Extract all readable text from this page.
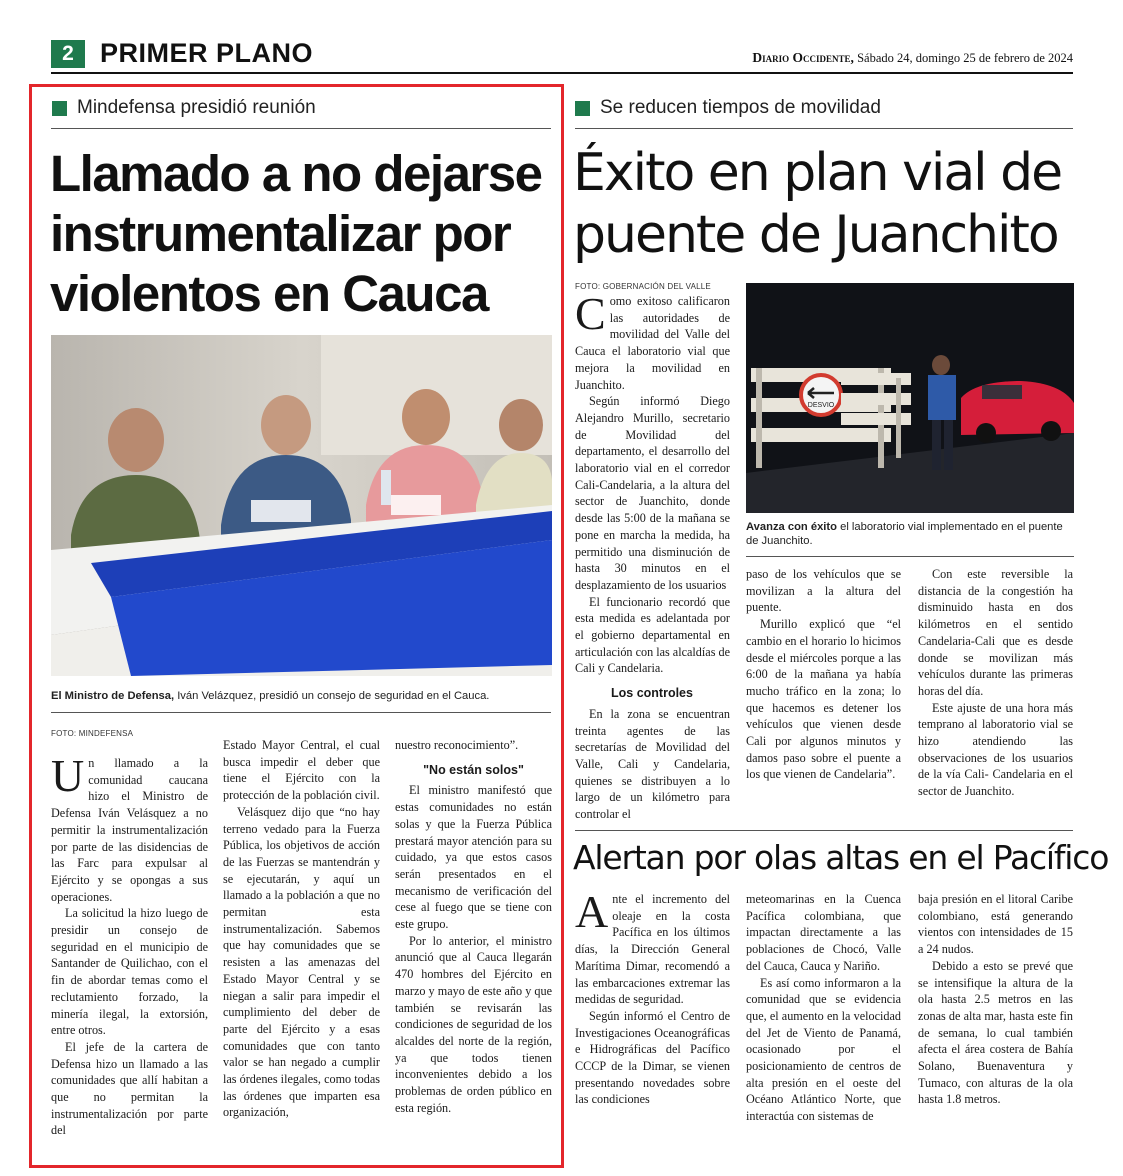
2 PRIMER PLANO	Diario Occidente, Sábado 24, domingo 25 de febrero de 2024
Mindefensa presidió reunión
Llamado a no dejarse instrumentalizar por violentos en Cauca
El Ministro de Defensa, Iván Velázquez, presidió un consejo de seguridad en el Cauca.
FOTO: MINDEFENSA

Un llamado a la comunidad caucana hizo el Ministro de Defensa Iván Velásquez a no permitir la instrumentalización por parte de las disidencias de las Farc para expulsar al Ejército y se opongas a sus operaciones.

La solicitud la hizo luego de presidir un consejo de seguridad en el municipio de Santander de Quilichao, con el fin de abordar temas como el reclutamiento forzado, la minería ilegal, la extorsión, entre otros.

El jefe de la cartera de Defensa hizo un llamado a las comunidades que allí habitan a que no permitan la instrumentalización por parte del

Estado Mayor Central, el cual busca impedir el deber que tiene el Ejército con la protección de la población civil.

Velásquez dijo que “no hay terreno vedado para la Fuerza Pública, los objetivos de acción de las Fuerzas se mantendrán y se ejecutarán, y aquí un llamado a la población a que no permitan esta instrumentalización. Sabemos que hay comunidades que se resisten a las amenazas del Estado Mayor Central y se niegan a salir para impedir el cumplimiento del deber de parte del Ejército y a esas comunidades que con tanto valor se han negado a cumplir las órdenes ilegales, como todas las órdenes que imparten esa organización,

nuestro reconocimiento”.

"No están solos"

El ministro manifestó que estas comunidades no están solas y que la Fuerza Pública prestará mayor atención para su cuidado, ya que estos casos serán presentados en el mecanismo de verificación del cese al fuego que se tiene con este grupo.

Por lo anterior, el ministro anunció que al Cauca llegarán 470 hombres del Ejército en marzo y mayo de este año y que también se revisarán las condiciones de seguridad de los alcaldes del norte de la región, ya que todos tienen inconvenientes debido a los problemas de orden público en esta región.

Se reducen tiempos de movilidad
Éxito en plan vial de
puente de Juanchito
FOTO: GOBERNACIÓN DEL VALLE
DESVIO
Avanza con éxito el laboratorio vial implementado en el puente de Juanchito.

Como exitoso calificaron las autoridades de movilidad del Valle del Cauca el laboratorio vial que mejora la movilidad en Juanchito.

Según informó Diego Alejandro Murillo, secretario de Movilidad del departamento, el desarrollo del laboratorio vial en el corredor Cali-Candelaria, a la altura del sector de Juanchito, donde desde las 5:00 de la mañana se pone en marcha la medida, ha permitido una disminución de hasta 30 minutos en el desplazamiento de los usuarios

El funcionario recordó que esta medida es adelantada por el gobierno departamental en articulación con las alcaldías de Cali y Candelaria.

Los controles

En la zona se encuentran treinta agentes de las secretarías de Movilidad del Valle, Cali y Candelaria, quienes se distribuyen a lo largo de un kilómetro para controlar el

paso de los vehículos que se movilizan a la altura del puente.

Murillo explicó que “el cambio en el horario lo hicimos desde el miércoles porque a las 6:00 de la mañana ya había mucho tráfico en la zona; lo que hacemos es detener los vehículos que vienen desde Cali por algunos minutos y damos paso sobre el puente a los que vienen de Candelaria”.

Con este reversible la distancia de la congestión ha disminuido hasta en dos kilómetros en el sentido Candelaria-Cali que es desde donde se movilizan más vehículos durante las primeras horas del día.

Este ajuste de una hora más temprano al laboratorio vial se hizo atendiendo las observaciones de los usuarios de la vía Cali- Candelaria en el sector de Juanchito.

Alertan por olas altas en el Pacífico

Ante el incremento del oleaje en la costa Pacífica en los últimos días, la Dirección General Marítima Dimar, recomendó a las embarcaciones extremar las medidas de seguridad.

Según informó el Centro de Investigaciones Oceanográficas e Hidrográficas del Pacífico CCCP de la Dimar, se vienen presentando novedades sobre las condiciones

meteomarinas en la Cuenca Pacífica colombiana, que impactan directamente a las poblaciones de Chocó, Valle del Cauca, Cauca y Nariño.

Es así como informaron a la comunidad que se evidencia que, el aumento en la velocidad del Jet de Viento de Panamá, ocasionado por el posicionamiento de centros de alta presión en el oeste del Océano Atlántico Norte, que interactúa con sistemas de

baja presión en el litoral Caribe colombiano, está generando vientos con intensidades de 15 a 24 nudos.

Debido a esto se prevé que se intensifique la altura de la ola hasta 2.5 metros en las zonas de alta mar, hasta este fin de semana, lo cual también afecta el área costera de Bahía Solano, Buenaventura y Tumaco, con alturas de la ola hasta 1.8 metros.
